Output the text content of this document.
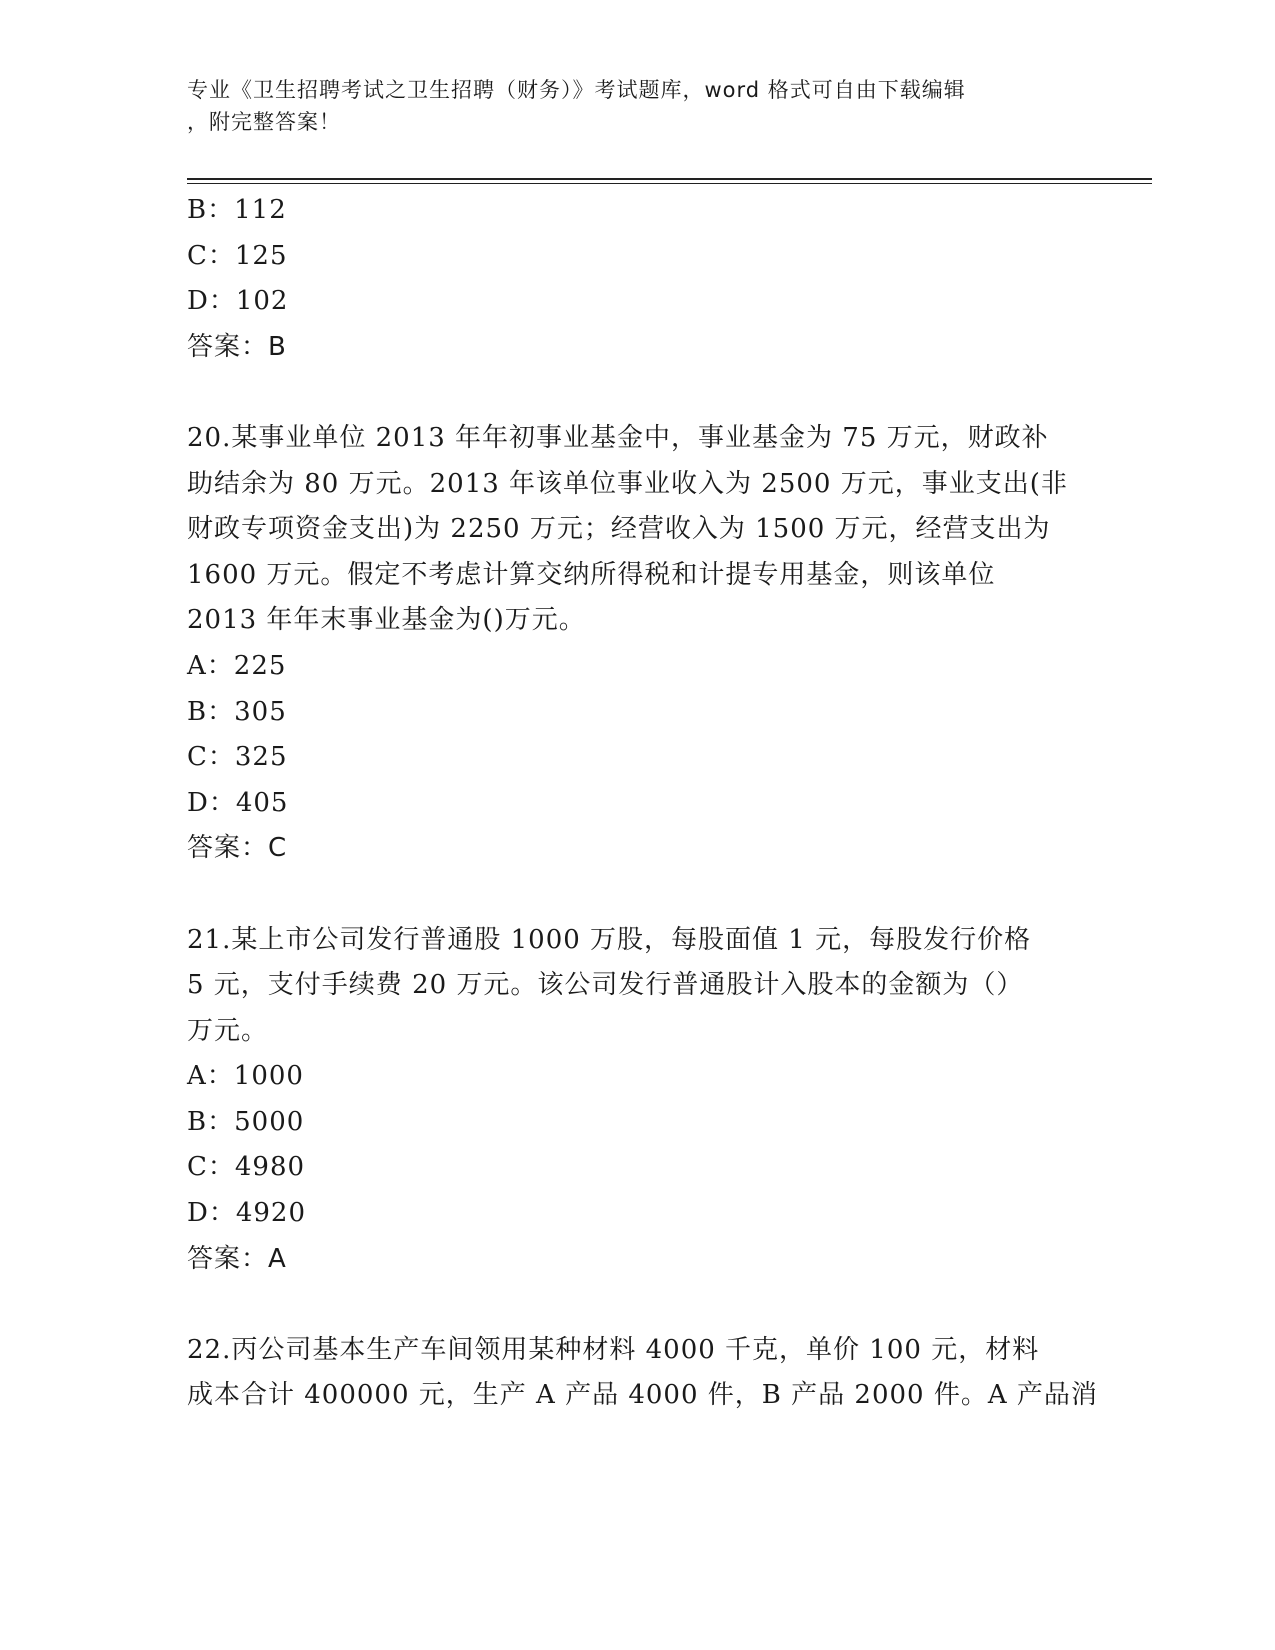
专业《卫生招聘考试之卫生招聘（财务）》考试题库，word 格式可自由下载编辑
，附完整答案！
B：112
C：125
D：102
答案：B
20.某事业单位 2013 年年初事业基金中，事业基金为 75 万元，财政补
助结余为 80 万元。2013 年该单位事业收入为 2500 万元，事业支出(非
财政专项资金支出)为 2250 万元；经营收入为 1500 万元，经营支出为
1600 万元。假定不考虑计算交纳所得税和计提专用基金，则该单位
2013 年年末事业基金为()万元。
A：225
B：305
C：325
D：405
答案：C
21.某上市公司发行普通股 1000 万股，每股面值 1 元，每股发行价格
5 元，支付手续费 20 万元。该公司发行普通股计入股本的金额为（）
万元。
A：1000
B：5000
C：4980
D：4920
答案：A
22.丙公司基本生产车间领用某种材料 4000 千克，单价 100 元，材料
成本合计 400000 元，生产 A 产品 4000 件，B 产品 2000 件。A 产品消
